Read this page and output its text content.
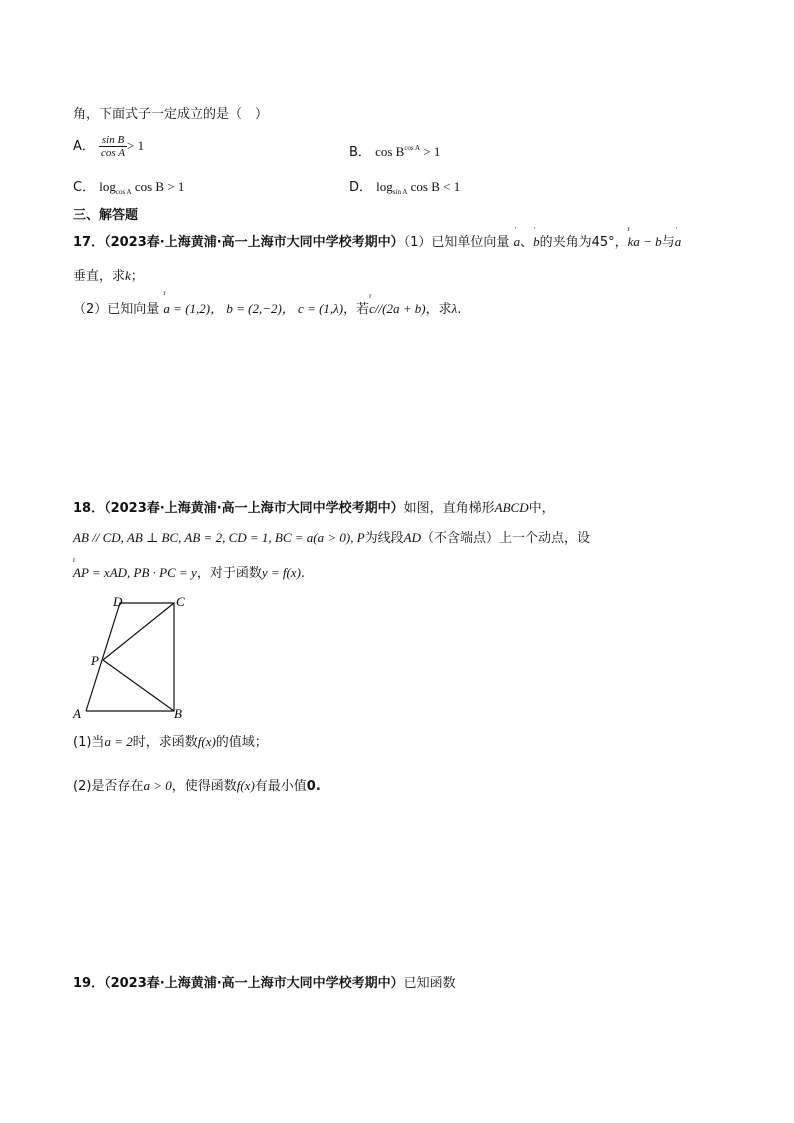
角，下面式子一定成立的是（　）
A． $\frac{\text{sin B}}{\text{cos A}} > 1$	B． $\cos B^{cos A} > 1$
C． $\log_{cos A} \cos B > 1$	D． $\log_{sin A} \cos B < 1$
三、解答题
17．（2023春·上海黄浦·高一上海市大同中学校考期中）（1）已知单位向量 ′ a、′ b的夹角为45°，r ka − b与′ a
垂直，求k；
（2）已知向量 r a = (1,2)， b = (2,−2)， c = (1,λ)，若r c//(2a + b)，求λ.
18．（2023春·上海黄浦·高一上海市大同中学校考期中）如图，直角梯形ABCD中，
AB // CD, AB ⊥ BC, AB = 2, CD = 1, BC = a(a > 0), P为线段AD（不含端点）上一个动点，设
r AP = xAD, PB · PC = y，对于函数y = f(x).
D	C
P
A	B
(1)当a = 2时，求函数f(x)的值域；
(2)是否存在a > 0，使得函数f(x)有最小值0.
19．（2023春·上海黄浦·高一上海市大同中学校考期中）已知函数
